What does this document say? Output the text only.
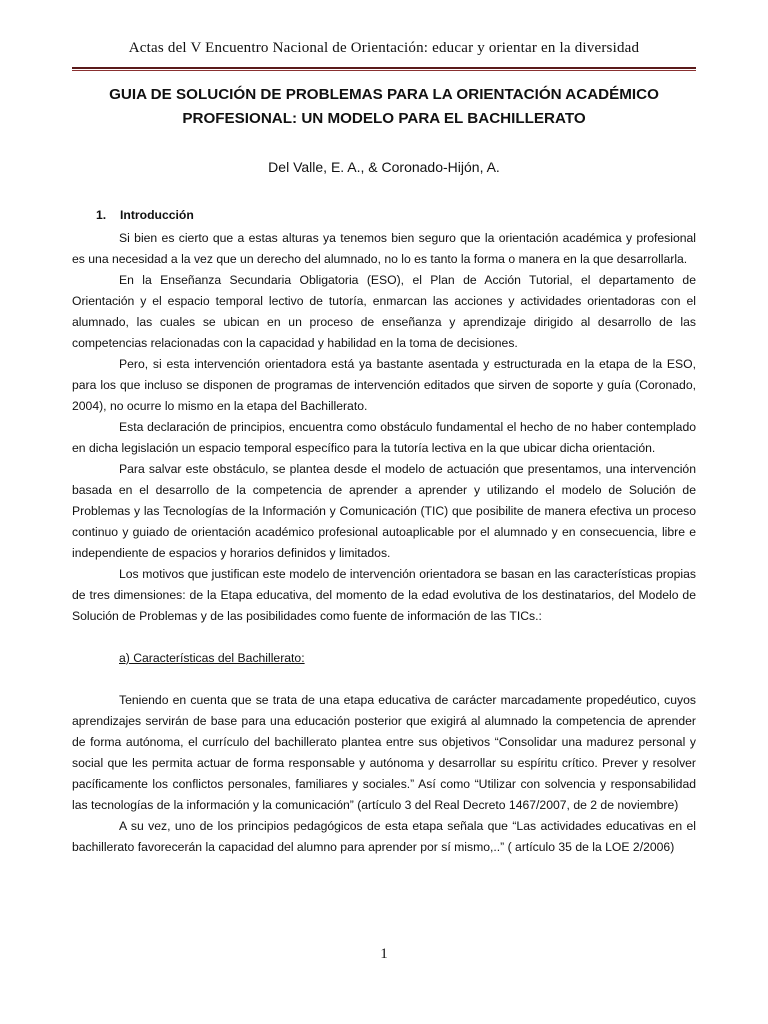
Actas del V Encuentro Nacional de Orientación: educar y orientar en la diversidad
GUIA DE SOLUCIÓN DE PROBLEMAS PARA LA ORIENTACIÓN ACADÉMICO
PROFESIONAL: UN MODELO PARA EL BACHILLERATO
Del Valle, E. A., & Coronado-Hijón, A.
1. Introducción

Si bien es cierto que a estas alturas ya tenemos bien seguro que la orientación académica y profesional es una necesidad a la vez que un derecho del alumnado, no lo es tanto la forma o manera en la que desarrollarla.

En la Enseñanza Secundaria Obligatoria (ESO), el Plan de Acción Tutorial, el departamento de Orientación y el espacio temporal lectivo de tutoría, enmarcan las acciones y actividades orientadoras con el alumnado, las cuales se ubican en un proceso de enseñanza y aprendizaje dirigido al desarrollo de las competencias relacionadas con la capacidad y habilidad en la toma de decisiones.

Pero, si esta intervención orientadora está ya bastante asentada y estructurada en la etapa de la ESO, para los que incluso se disponen de programas de intervención editados que sirven de soporte y guía (Coronado, 2004), no ocurre lo mismo en la etapa del Bachillerato.

Esta declaración de principios, encuentra como obstáculo fundamental el hecho de no haber contemplado en dicha legislación un espacio temporal específico para la tutoría lectiva en la que ubicar dicha orientación.

Para salvar este obstáculo, se plantea desde el modelo de actuación que presentamos, una intervención basada en el desarrollo de la competencia de aprender a aprender y utilizando el modelo de Solución de Problemas y las Tecnologías de la Información y Comunicación (TIC) que posibilite de manera efectiva un proceso continuo y guiado de orientación académico profesional autoaplicable por el alumnado y en consecuencia, libre e independiente de espacios y horarios definidos y limitados.

Los motivos que justifican este modelo de intervención orientadora se basan en las características propias de tres dimensiones: de la Etapa educativa, del momento de la edad evolutiva de los destinatarios, del Modelo de Solución de Problemas y de las posibilidades como fuente de información de las TICs.:

a) Características del Bachillerato:

Teniendo en cuenta que se trata de una etapa educativa de carácter marcadamente propedéutico, cuyos aprendizajes servirán de base para una educación posterior que exigirá al alumnado la competencia de aprender de forma autónoma, el currículo del bachillerato plantea entre sus objetivos “Consolidar una madurez personal y social que les permita actuar de forma responsable y autónoma y desarrollar su espíritu crítico. Prever y resolver pacíficamente los conflictos personales, familiares y sociales.” Así como “Utilizar con solvencia y responsabilidad las tecnologías de la información y la comunicación” (artículo 3 del Real Decreto 1467/2007, de 2 de noviembre)

A su vez, uno de los principios pedagógicos de esta etapa señala que “Las actividades educativas en el bachillerato favorecerán la capacidad del alumno para aprender por sí mismo,..” ( artículo 35 de la LOE 2/2006)

1
